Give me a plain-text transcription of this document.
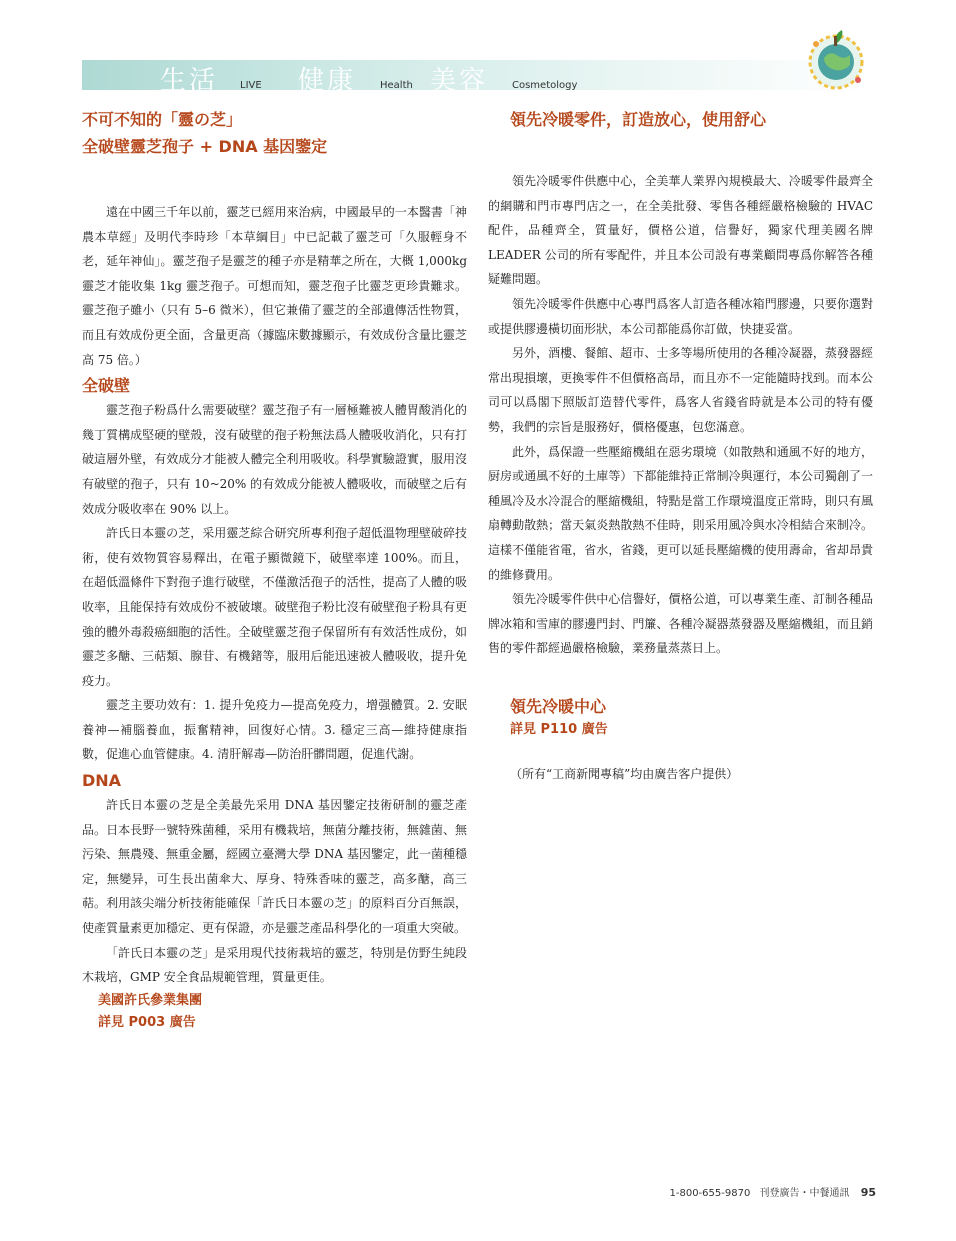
生活 LIVE 健康 Health 美容 Cosmetology
不可不知的「靈の芝」
全破壁靈芝孢子 + DNA 基因鑒定

遠在中國三千年以前，靈芝已經用來治病，中國最早的一本醫書「神農本草經」及明代李時珍「本草綱目」中已記載了靈芝可「久服輕身不老，延年神仙」。靈芝孢子是靈芝的種子亦是精華之所在，大概 1,000kg 靈芝才能收集 1kg 靈芝孢子。可想而知，靈芝孢子比靈芝更珍貴難求。靈芝孢子雖小（只有 5–6 微米），但它兼備了靈芝的全部遺傳活性物質，而且有效成份更全面，含量更高（據臨床數據顯示，有效成份含量比靈芝高 75 倍。）

全破壁

靈芝孢子粉爲什么需要破壁？靈芝孢子有一層極難被人體胃酸消化的幾丁質構成堅硬的壁殼，沒有破壁的孢子粉無法爲人體吸收消化，只有打破這層外壁，有效成分才能被人體完全利用吸收。科學實驗證實，服用沒有破壁的孢子，只有 10~20% 的有效成分能被人體吸收，而破壁之后有效成分吸收率在 90% 以上。

許氏日本靈の芝，采用靈芝綜合研究所專利孢子超低溫物理壁破碎技術，使有效物質容易釋出，在電子顯微鏡下，破壁率達 100%。而且，在超低溫條件下對孢子進行破壁，不僅激活孢子的活性，提高了人體的吸收率，且能保持有效成份不被破壞。破壁孢子粉比沒有破壁孢子粉具有更強的體外毒殺癌細胞的活性。全破壁靈芝孢子保留所有有效活性成份，如靈芝多醣、三萜類、腺苷、有機鍺等，服用后能迅速被人體吸收，提升免疫力。

靈芝主要功效有：1. 提升免疫力—提高免疫力，增强體質。2. 安眠養神—補腦養血，振奮精神，回復好心情。3. 穩定三高—維持健康指數，促進心血管健康。4. 清肝解毒—防治肝髒問題，促進代謝。

DNA

許氏日本靈の芝是全美最先采用 DNA 基因鑒定技術研制的靈芝產品。日本長野一號特殊菌種，采用有機栽培，無菌分離技術，無雜菌、無污染、無農殘、無重金屬，經國立臺灣大學 DNA 基因鑒定，此一菌種穩定，無變异，可生長出菌傘大、厚身、特殊香味的靈芝，高多醣，高三萜。利用該尖端分析技術能確保「許氏日本靈の芝」的原料百分百無誤，使產質量素更加穩定、更有保證，亦是靈芝產品科學化的一項重大突破。

「許氏日本靈の芝」是采用現代技術栽培的靈芝，特別是仿野生純段木栽培，GMP 安全食品規範管理，質量更佳。

美國許氏參業集團
詳見 P003 廣告
領先冷暖零件，訂造放心，使用舒心

領先冷暖零件供應中心，全美華人業界內規模最大、冷暖零件最齊全的網購和門市專門店之一，在全美批發、零售各種經嚴格檢驗的 HVAC 配件，品種齊全，質量好，價格公道，信譽好，獨家代理美國名牌 LEADER 公司的所有零配件，并且本公司設有專業顧問專爲你解答各種疑難問題。

領先冷暖零件供應中心專門爲客人訂造各種冰箱門膠邊，只要你選對或提供膠邊橫切面形狀，本公司都能爲你訂做，快捷妥當。

另外，酒樓、餐館、超市、士多等場所使用的各種冷凝器，蒸發器經常出現損壞，更換零件不但價格高昂，而且亦不一定能隨時找到。而本公司可以爲閣下照版訂造替代零件，爲客人省錢省時就是本公司的特有優勢，我們的宗旨是服務好，價格優惠，包您滿意。

此外，爲保證一些壓縮機組在惡劣環境（如散熱和通風不好的地方，厨房或通風不好的土庫等）下都能維持正常制冷與運行，本公司獨創了一種風冷及水冷混合的壓縮機組，特點是當工作環境溫度正常時，則只有風扇轉動散熱；當天氣炎熱散熱不佳時，則采用風冷與水冷相結合來制冷。這樣不僅能省電，省水，省錢，更可以延長壓縮機的使用壽命，省却昂貴的維修費用。

領先冷暖零件供中心信譽好，價格公道，可以專業生產、訂制各種品牌冰箱和雪庫的膠邊門封、門簾、各種冷凝器蒸發器及壓縮機組，而且銷售的零件都經過嚴格檢驗，業務量蒸蒸日上。

領先冷暖中心
詳見 P110 廣告
（所有“工商新聞專稿”均由廣告客户提供）
1-800-655-9870 刊登廣告・中餐通訊 95
